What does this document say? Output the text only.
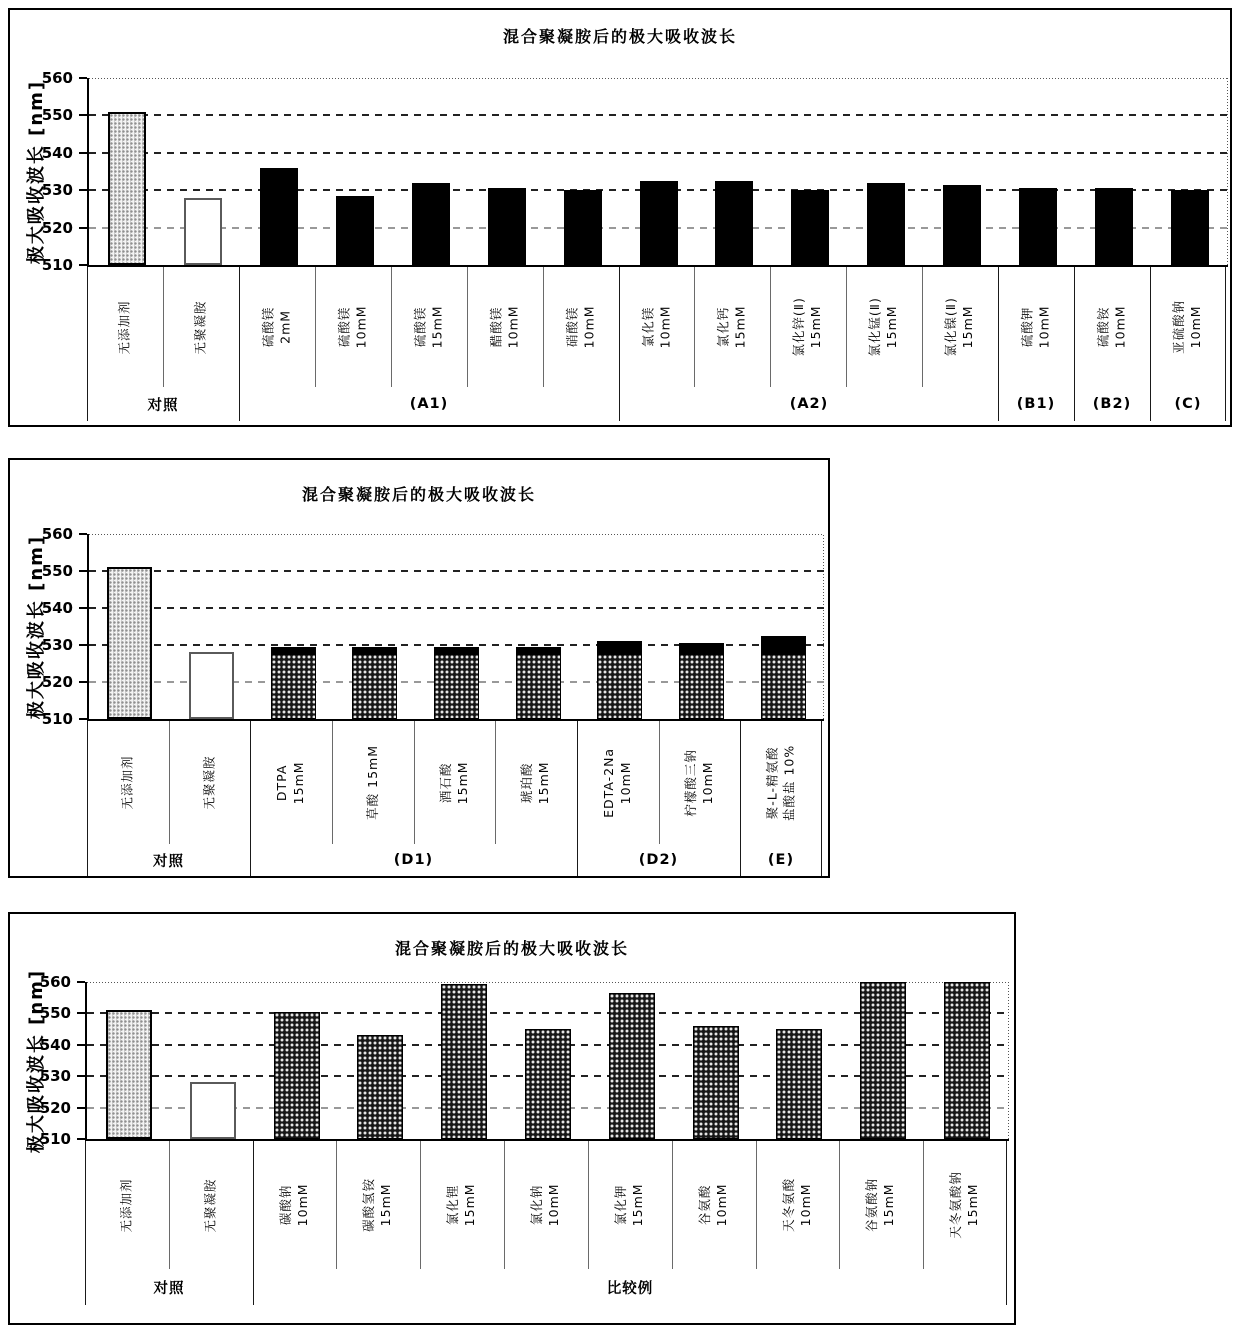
混合聚凝胺后的极大吸收波长
510
520
530
540
550
560
极大吸收波长 [nm]
无添加剂	无聚凝胺	硫酸镁
2mM	硫酸镁
10mM	硫酸镁
15mM	醋酸镁
10mM	硝酸镁
10mM	氯化镁
10mM	氯化钙
15mM	氯化锌(Ⅱ)
15mM	氯化锰(Ⅱ)
15mM	氯化镍(Ⅱ)
15mM	硫酸钾
10mM	硫酸铵
10mM	亚硫酸钠
10mM
对照	(A1)	(A2)	(B1)	(B2)	(C)
混合聚凝胺后的极大吸收波长
510
520
530
540
550
560
极大吸收波长 [nm]
无添加剂	无聚凝胺	DTPA 15mM	草酸 15mM	酒石酸 15mM	琥珀酸 15mM	EDTA-2Na
10mM	柠檬酸三钠
10mM	聚-L-精氨酸
盐酸盐 10%
对照	(D1)	(D2)	(E)
混合聚凝胺后的极大吸收波长
510
520
530
540
550
560
极大吸收波长 [nm]
无添加剂	无聚凝胺	碳酸钠 10mM	碳酸氢铵
15mM	氯化锂 15mM	氯化钠 10mM	氯化钾 15mM	谷氨酸 10mM	天冬氨酸
10mM	谷氨酸钠
15mM	天冬氨酸钠
15mM
对照	比较例
